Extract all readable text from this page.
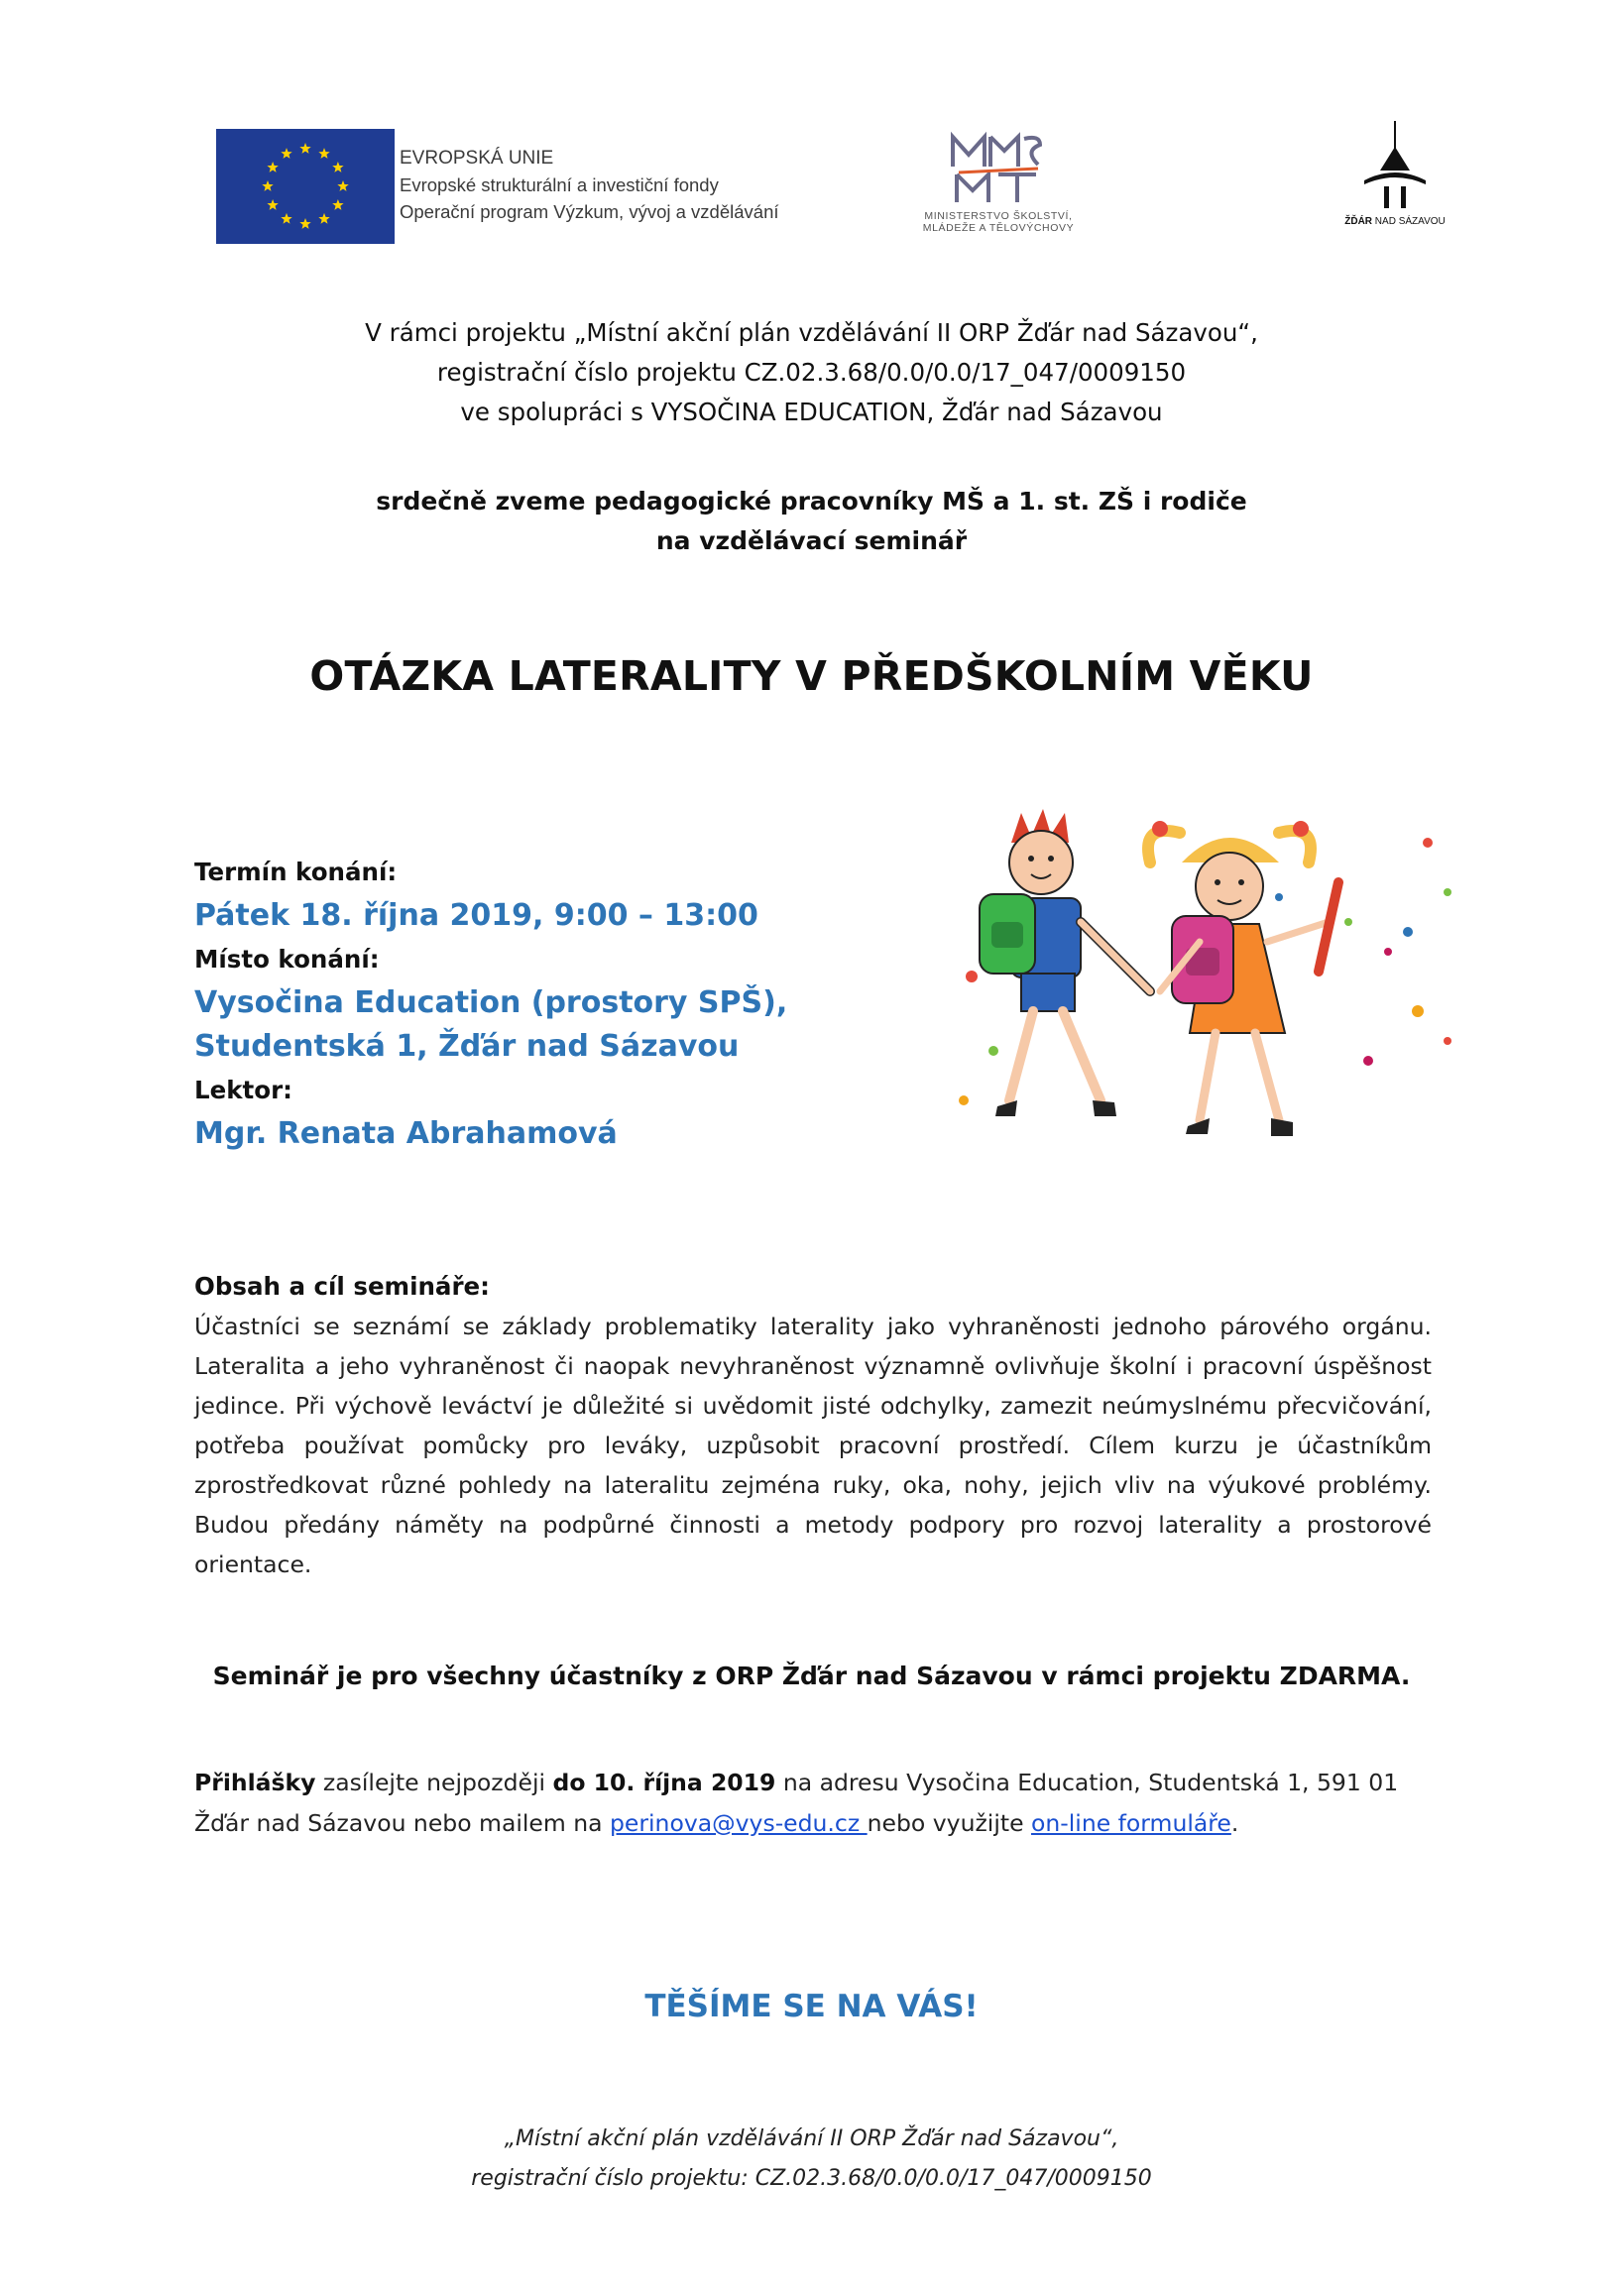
EVROPSKÁ UNIE
Evropské strukturální a investiční fondy
Operační program Výzkum, vývoj a vzdělávání	MINISTERSTVO ŠKOLSTVÍ,
MLÁDEŽE A TĚLOVÝCHOVY
ŽĎÁR NAD SÁZAVOU
V rámci projektu „Místní akční plán vzdělávání II ORP Žďár nad Sázavou“,
registrační číslo projektu CZ.02.3.68/0.0/0.0/17_047/0009150
ve spolupráci s VYSOČINA EDUCATION, Žďár nad Sázavou
srdečně zveme pedagogické pracovníky MŠ a 1. st. ZŠ i rodiče
na vzdělávací seminář
OTÁZKA LATERALITY V PŘEDŠKOLNÍM VĚKU
Termín konání:
Pátek 18. října 2019, 9:00 – 13:00
Místo konání:
Vysočina Education (prostory SPŠ),
Studentská 1, Žďár nad Sázavou
Lektor:
Mgr. Renata Abrahamová
Obsah a cíl semináře:
Účastníci se seznámí se základy problematiky laterality jako vyhraněnosti jednoho párového orgánu. Lateralita a jeho vyhraněnost či naopak nevyhraněnost významně ovlivňuje školní i pracovní úspěšnost jedince. Při výchově leváctví je důležité si uvědomit jisté odchylky, zamezit neúmyslnému přecvičování, potřeba používat pomůcky pro leváky, uzpůsobit pracovní prostředí. Cílem kurzu je účastníkům zprostředkovat různé pohledy na lateralitu zejména ruky, oka, nohy, jejich vliv na výukové problémy. Budou předány náměty na podpůrné činnosti a metody podpory pro rozvoj laterality a prostorové orientace.
Seminář je pro všechny účastníky z ORP Žďár nad Sázavou v rámci projektu ZDARMA.
Přihlášky zasílejte nejpozději do 10. října 2019 na adresu Vysočina Education, Studentská 1, 591 01
Žďár nad Sázavou nebo mailem na perinova@vys-edu.cz nebo využijte on-line formuláře.
TĚŠÍME SE NA VÁS!
„Místní akční plán vzdělávání II ORP Žďár nad Sázavou“,
registrační číslo projektu: CZ.02.3.68/0.0/0.0/17_047/0009150
